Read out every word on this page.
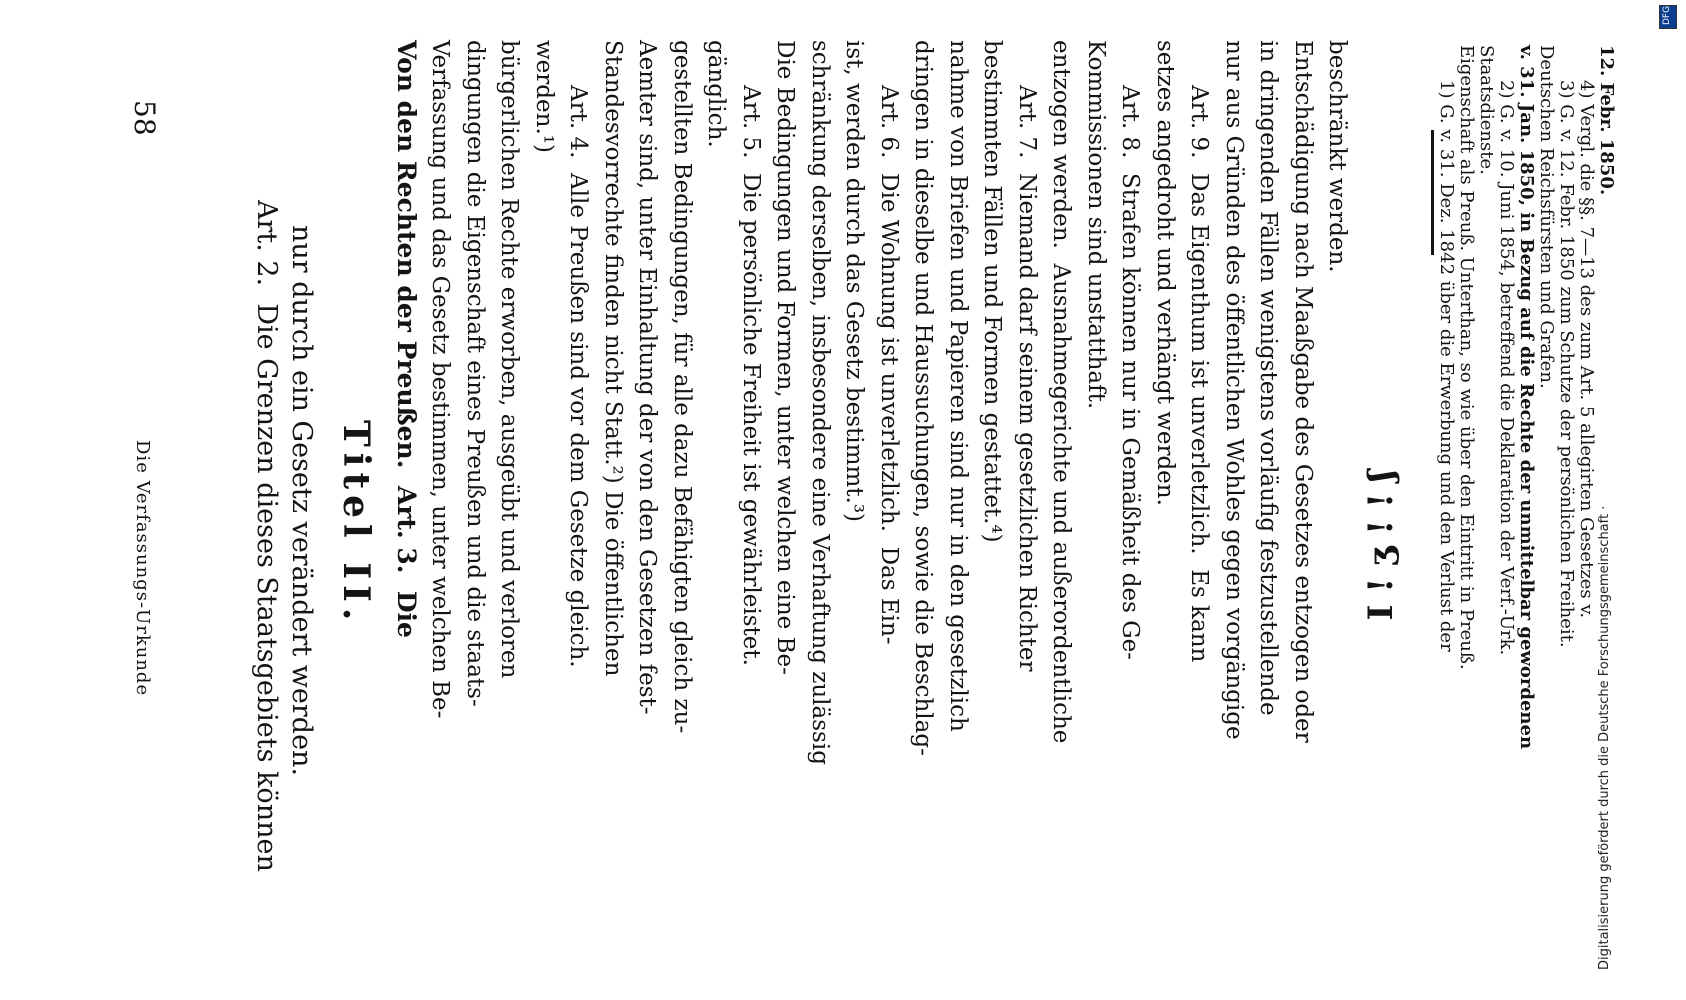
58
Die Verfassungs-Urkunde	Art. 2.  Die Grenzen dieses Staatsgebiets können nur durch ein Gesetz verändert werden. Titel II. Von den Rechten der Preußen.  Art. 3.  Die Verfassung und das Gesetz bestimmen, unter welchen Be- dingungen die Eigenschaft eines Preußen und die staats- bürgerlichen Rechte erworben, ausgeübt und verloren werden.¹) Art. 4.  Alle Preußen sind vor dem Gesetze gleich. Standesvorrechte finden nicht Statt.²) Die öffentlichen Aemter sind, unter Einhaltung der von den Gesetzen fest- gestellten Bedingungen, für alle dazu Befähigten gleich zu- gänglich. Art. 5.  Die persönliche Freiheit ist gewährleistet. Die Bedingungen und Formen, unter welchen eine Be- schränkung derselben, insbesondere eine Verhaftung zulässig ist, werden durch das Gesetz bestimmt.³) Art. 6.  Die Wohnung ist unverletzlich.  Das Ein- dringen in dieselbe und Haussuchungen, sowie die Beschlag- nahme von Briefen und Papieren sind nur in den gesetzlich bestimmten Fällen und Formen gestattet.⁴) Art. 7.  Niemand darf seinem gesetzlichen Richter entzogen werden.  Ausnahmegerichte und außerordentliche Kommissionen sind unstatthaft. Art. 8.  Strafen können nur in Gemäßheit des Ge- setzes angedroht und verhängt werden. Art. 9.  Das Eigenthum ist unverletzlich.  Es kann nur aus Gründen des öffentlichen Wohles gegen vorgängige in dringenden Fällen wenigstens vorläufig festzustellende Entschädigung nach Maaßgabe des Gesetzes entzogen oder beschränkt werden.
I ! ʒ ! ! ʃ 1) G. v. 31. Dez. 1842 über die Erwerbung und den Verlust der Eigenschaft als Preuß. Unterthan, so wie über den Eintritt in Preuß. Staatsdienste. 2) G. v. 10. Juni 1854, betreffend die Deklaration der Verf.-Urk. v. 31. Jan. 1850, in Bezug auf die Rechte der unmittelbar gewordenen Deutschen Reichsfürsten und Grafen. 3) G. v. 12. Febr. 1850 zum Schutze der persönlichen Freiheit. 4) Vergl. die §§. 7—13 des zum Art. 5 allegirten Gesetzes v. 12. Febr. 1850.
Digitalisierung gefördert durch die Deutsche Forschungsgemeinschaft ·
DFG
